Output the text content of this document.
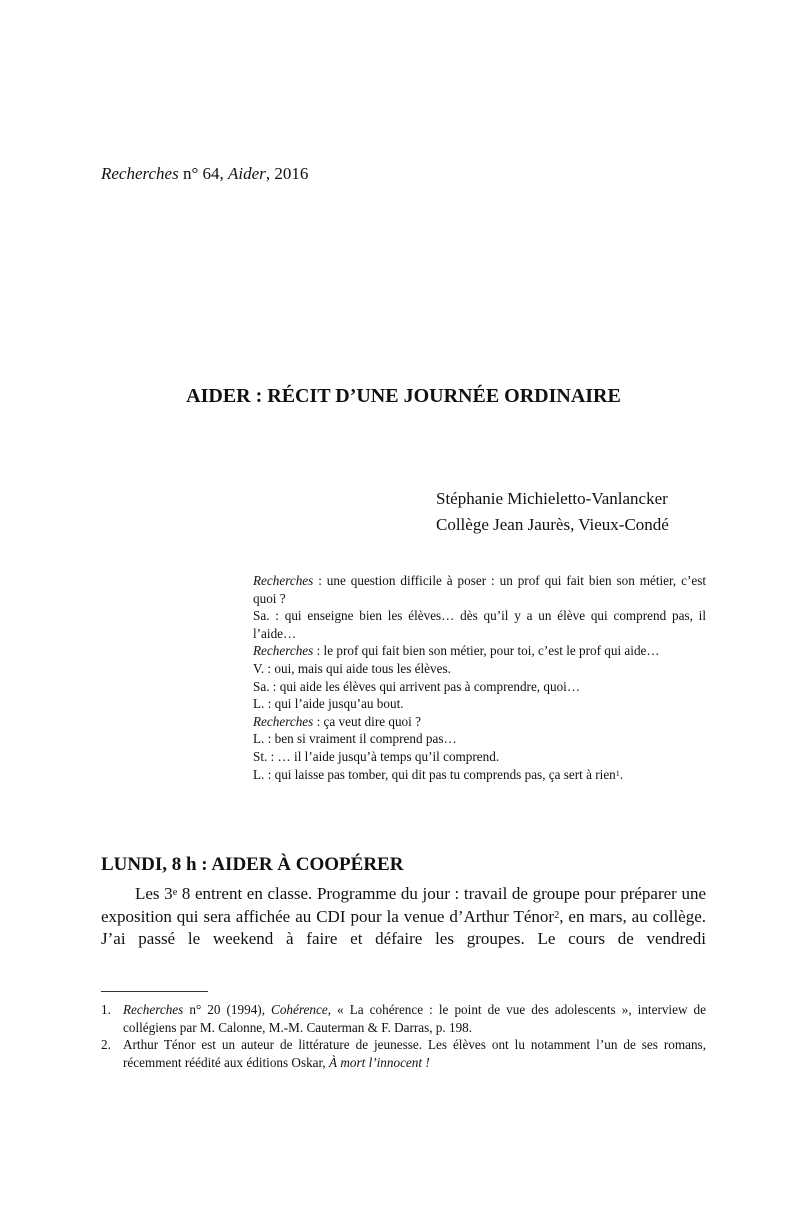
Recherches n° 64, Aider, 2016
AIDER : RÉCIT D’UNE JOURNÉE ORDINAIRE
Stéphanie Michieletto-Vanlancker
Collège Jean Jaurès, Vieux-Condé
Recherches : une question difficile à poser : un prof qui fait bien son métier, c’est quoi ?
Sa. : qui enseigne bien les élèves… dès qu’il y a un élève qui comprend pas, il l’aide…
Recherches : le prof qui fait bien son métier, pour toi, c’est le prof qui aide…
V. : oui, mais qui aide tous les élèves.
Sa. : qui aide les élèves qui arrivent pas à comprendre, quoi…
L. : qui l’aide jusqu’au bout.
Recherches : ça veut dire quoi ?
L. : ben si vraiment il comprend pas…
St. : … il l’aide jusqu’à temps qu’il comprend.
L. : qui laisse pas tomber, qui dit pas tu comprends pas, ça sert à rien$^1$.
LUNDI, 8 h : AIDER À COOPÉRER
Les 3e 8 entrent en classe. Programme du jour : travail de groupe pour préparer une exposition qui sera affichée au CDI pour la venue d’Arthur Ténor$^2$, en mars, au collège. J’ai passé le weekend à faire et défaire les groupes. Le cours de vendredi
1. Recherches n° 20 (1994), Cohérence, « La cohérence : le point de vue des adolescents », interview de collégiens par M. Calonne, M.-M. Cauterman & F. Darras, p. 198.
2. Arthur Ténor est un auteur de littérature de jeunesse. Les élèves ont lu notamment l’un de ses romans, récemment réédité aux éditions Oskar, À mort l’innocent !
